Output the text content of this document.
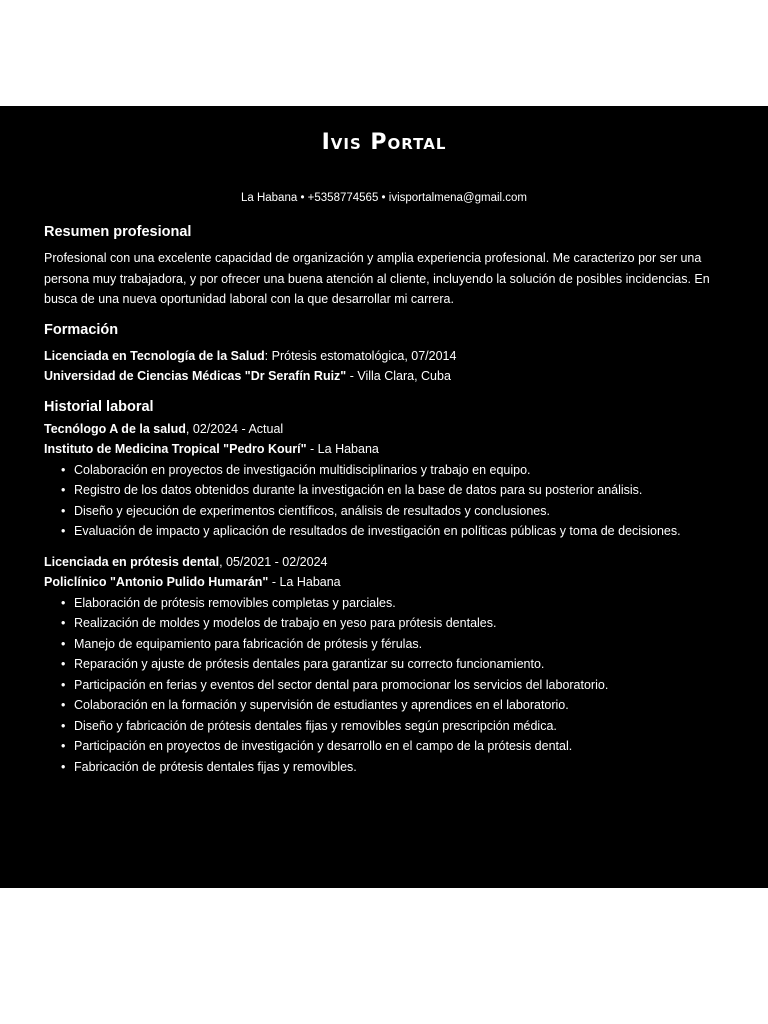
Ivis Portal
La Habana • +5358774565 • ivisportalmena@gmail.com
Resumen profesional

Profesional con una excelente capacidad de organización y amplia experiencia profesional. Me caracterizo por ser una persona muy trabajadora, y por ofrecer una buena atención al cliente, incluyendo la solución de posibles incidencias. En busca de una nueva oportunidad laboral con la que desarrollar mi carrera.

Formación
Licenciada en Tecnología de la Salud: Prótesis estomatológica, 07/2014
Universidad de Ciencias Médicas "Dr Serafín Ruiz" - Villa Clara, Cuba
Historial laboral
Tecnólogo A de la salud, 02/2024 - Actual
Instituto de Medicina Tropical "Pedro Kourí" - La Habana
• Colaboración en proyectos de investigación multidisciplinarios y trabajo en equipo.
• Registro de los datos obtenidos durante la investigación en la base de datos para su posterior análisis.
• Diseño y ejecución de experimentos científicos, análisis de resultados y conclusiones.
• Evaluación de impacto y aplicación de resultados de investigación en políticas públicas y toma de decisiones.
Licenciada en prótesis dental, 05/2021 - 02/2024
Policlínico "Antonio Pulido Humarán" - La Habana
• Elaboración de prótesis removibles completas y parciales.
• Realización de moldes y modelos de trabajo en yeso para prótesis dentales.
• Manejo de equipamiento para fabricación de prótesis y férulas.
• Reparación y ajuste de prótesis dentales para garantizar su correcto funcionamiento.
• Participación en ferias y eventos del sector dental para promocionar los servicios del laboratorio.
• Colaboración en la formación y supervisión de estudiantes y aprendices en el laboratorio.
• Diseño y fabricación de prótesis dentales fijas y removibles según prescripción médica.
• Participación en proyectos de investigación y desarrollo en el campo de la prótesis dental.
• Fabricación de prótesis dentales fijas y removibles.
